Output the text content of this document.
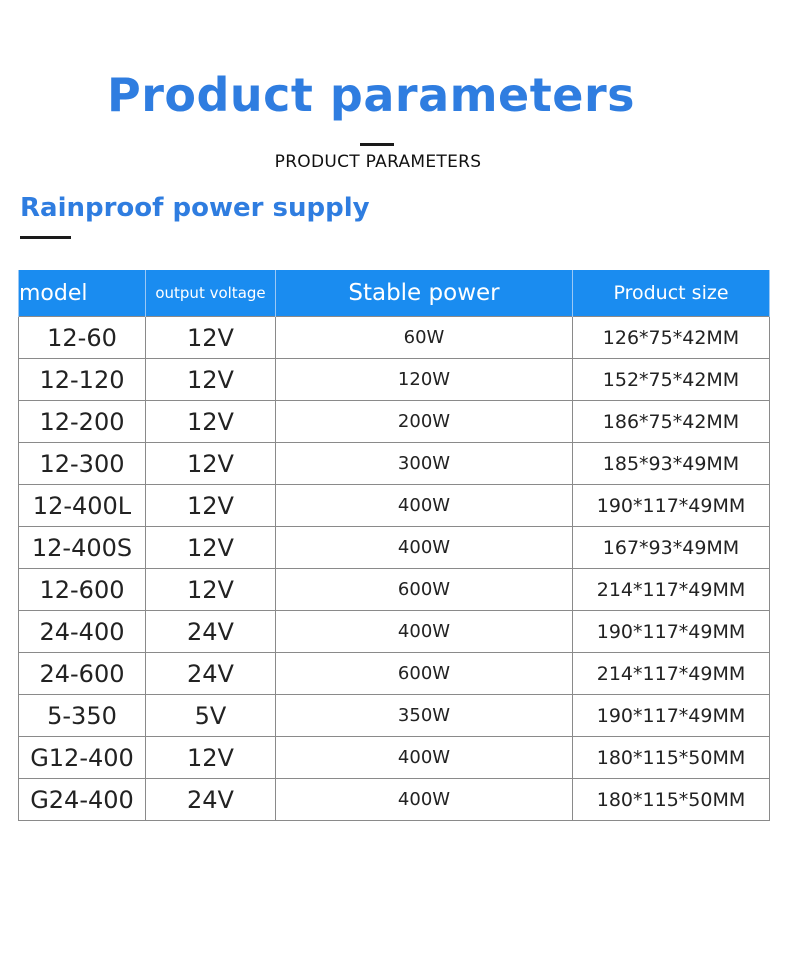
Product parameters
PRODUCT PARAMETERS
Rainproof power supply
model	output voltage	Stable power	Product size
12-60	12V	60W	126*75*42MM
12-120	12V	120W	152*75*42MM
12-200	12V	200W	186*75*42MM
12-300	12V	300W	185*93*49MM
12-400L	12V	400W	190*117*49MM
12-400S	12V	400W	167*93*49MM
12-600	12V	600W	214*117*49MM
24-400	24V	400W	190*117*49MM
24-600	24V	600W	214*117*49MM
5-350	5V	350W	190*117*49MM
G12-400	12V	400W	180*115*50MM
G24-400	24V	400W	180*115*50MM
